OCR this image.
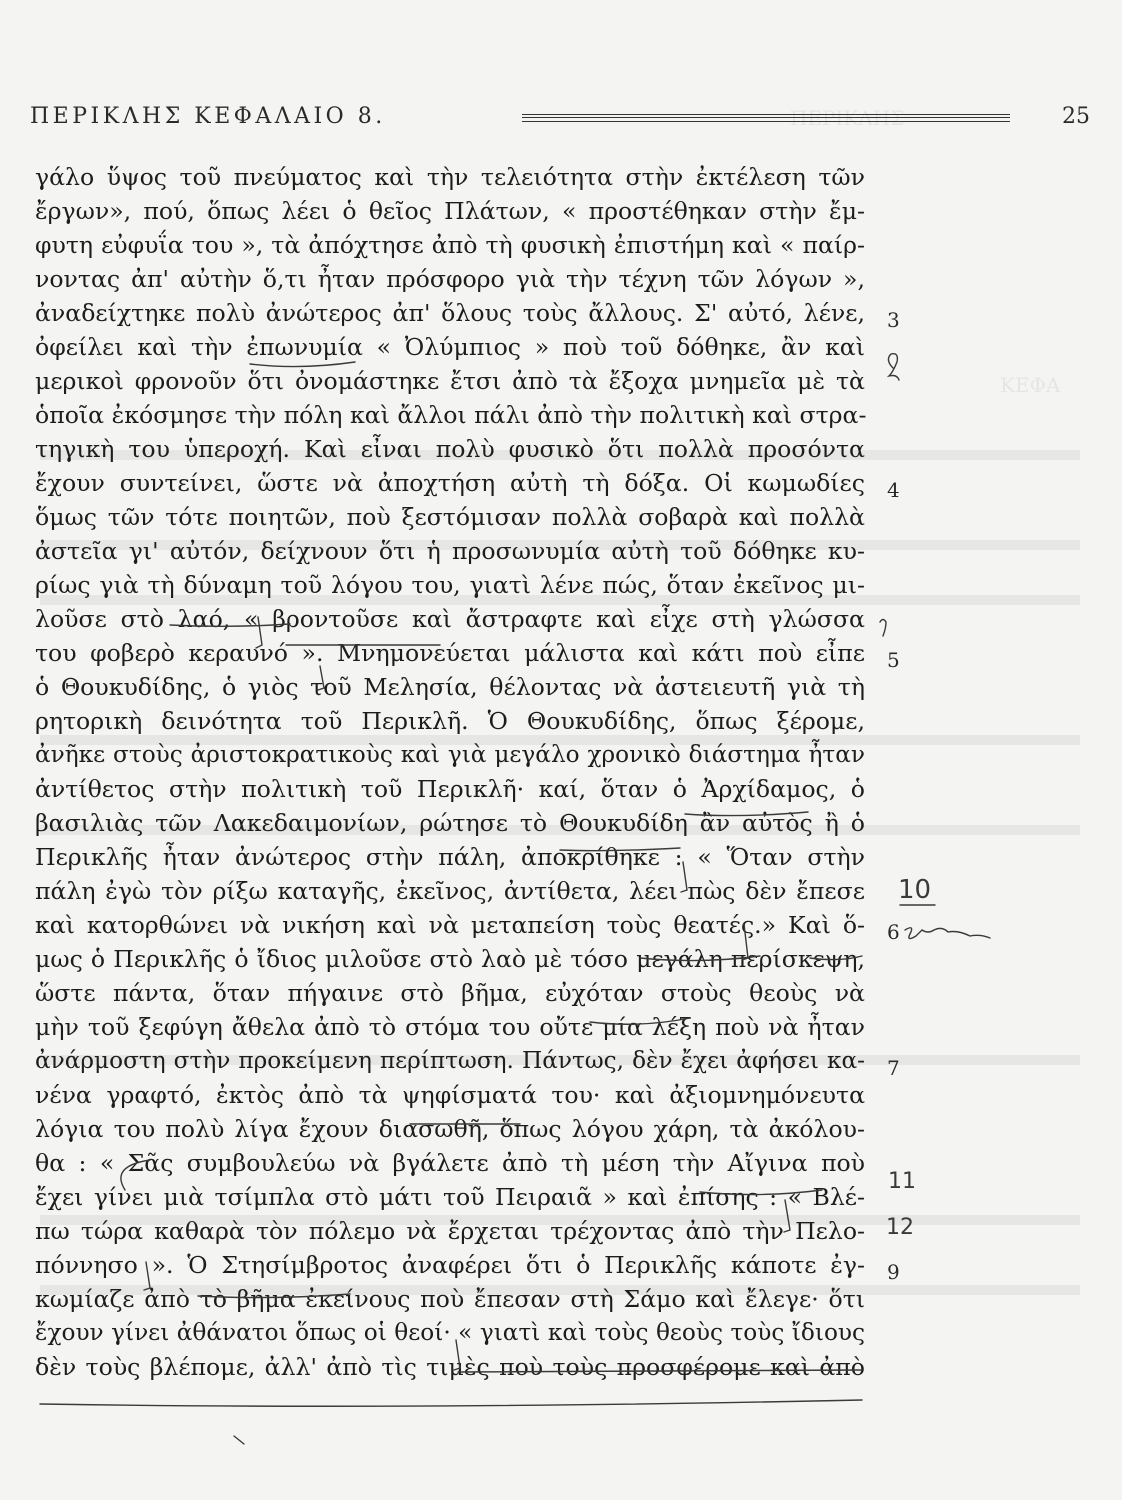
ΠΕΡΙΚΛΗΣ
ΚΕΦΑ
ΠΕΡΙΚΛΗΣ ΚΕΦΑΛΑΙΟ 8.	25
γάλο ὕψος τοῦ πνεύματος καὶ τὴν τελειότητα στὴν ἐκτέλεση τῶν
ἔργων», πού, ὅπως λέει ὁ θεῖος Πλάτων, « προστέθηκαν στὴν ἔμ-
φυτη εὐφυΐα του », τὰ ἀπόχτησε ἀπὸ τὴ φυσικὴ ἐπιστήμη καὶ « παίρ-
νοντας ἀπ' αὐτὴν ὅ,τι ἦταν πρόσφορο γιὰ τὴν τέχνη τῶν λόγων »,
ἀναδείχτηκε πολὺ ἀνώτερος ἀπ' ὅλους τοὺς ἄλλους. Σ' αὐτό, λένε,
ὀφείλει καὶ τὴν ἐπωνυμία « Ὀλύμπιος » ποὺ τοῦ δόθηκε, ἂν καὶ
μερικοὶ φρονοῦν ὅτι ὀνομάστηκε ἔτσι ἀπὸ τὰ ἔξοχα μνημεῖα μὲ τὰ
ὁποῖα ἐκόσμησε τὴν πόλη καὶ ἄλλοι πάλι ἀπὸ τὴν πολιτικὴ καὶ στρα-
τηγικὴ του ὑπεροχή. Καὶ εἶναι πολὺ φυσικὸ ὅτι πολλὰ προσόντα
ἔχουν συντείνει, ὥστε νὰ ἀποχτήση αὐτὴ τὴ δόξα. Οἱ κωμωδίες
ὅμως τῶν τότε ποιητῶν, ποὺ ξεστόμισαν πολλὰ σοβαρὰ καὶ πολλὰ
ἀστεῖα γι' αὐτόν, δείχνουν ὅτι ἡ προσωνυμία αὐτὴ τοῦ δόθηκε κυ-
ρίως γιὰ τὴ δύναμη τοῦ λόγου του, γιατὶ λένε πώς, ὅταν ἐκεῖνος μι-
λοῦσε στὸ λαό, « βροντοῦσε καὶ ἄστραφτε καὶ εἶχε στὴ γλώσσα
του φοβερὸ κεραυνό ». Μνημονεύεται μάλιστα καὶ κάτι ποὺ εἶπε
ὁ Θουκυδίδης, ὁ γιὸς τοῦ Μελησία, θέλοντας νὰ ἀστειευτῆ γιὰ τὴ
ρητορικὴ δεινότητα τοῦ Περικλῆ. Ὁ Θουκυδίδης, ὅπως ξέρομε,
ἀνῆκε στοὺς ἀριστοκρατικοὺς καὶ γιὰ μεγάλο χρονικὸ διάστημα ἦταν
ἀντίθετος στὴν πολιτικὴ τοῦ Περικλῆ· καί, ὅταν ὁ Ἀρχίδαμος, ὁ
βασιλιὰς τῶν Λακεδαιμονίων, ρώτησε τὸ Θουκυδίδη ἂν αὐτὸς ἢ ὁ
Περικλῆς ἦταν ἀνώτερος στὴν πάλη, ἀποκρίθηκε : « Ὅταν στὴν
πάλη ἐγὼ τὸν ρίξω καταγῆς, ἐκεῖνος, ἀντίθετα, λέει πὼς δὲν ἔπεσε
καὶ κατορθώνει νὰ νικήση καὶ νὰ μεταπείση τοὺς θεατές.» Καὶ ὅ-
μως ὁ Περικλῆς ὁ ἴδιος μιλοῦσε στὸ λαὸ μὲ τόσο μεγάλη περίσκεψη,
ὥστε πάντα, ὅταν πήγαινε στὸ βῆμα, εὐχόταν στοὺς θεοὺς νὰ
μὴν τοῦ ξεφύγη ἄθελα ἀπὸ τὸ στόμα του οὔτε μία λέξη ποὺ νὰ ἦταν
ἀνάρμοστη στὴν προκείμενη περίπτωση. Πάντως, δὲν ἔχει ἀφήσει κα-
νένα γραφτό, ἐκτὸς ἀπὸ τὰ ψηφίσματά του· καὶ ἀξιομνημόνευτα
λόγια του πολὺ λίγα ἔχουν διασωθῆ, ὅπως λόγου χάρη, τὰ ἀκόλου-
θα : « Σᾶς συμβουλεύω νὰ βγάλετε ἀπὸ τὴ μέση τὴν Αἴγινα ποὺ
ἔχει γίνει μιὰ τσίμπλα στὸ μάτι τοῦ Πειραιᾶ » καὶ ἐπίσης : « Βλέ-
πω τώρα καθαρὰ τὸν πόλεμο νὰ ἔρχεται τρέχοντας ἀπὸ τὴν Πελο-
πόννησο ». Ὁ Στησίμβροτος ἀναφέρει ὅτι ὁ Περικλῆς κάποτε ἐγ-
κωμίαζε ἀπὸ τὸ βῆμα ἐκείνους ποὺ ἔπεσαν στὴ Σάμο καὶ ἔλεγε· ὅτι
ἔχουν γίνει ἀθάνατοι ὅπως οἱ θεοί· « γιατὶ καὶ τοὺς θεοὺς τοὺς ἴδιους
δὲν τοὺς βλέπομε, ἀλλ' ἀπὸ τὶς τιμὲς ποὺ τοὺς προσφέρομε καὶ ἀπὸ
3
4
5
6
7
9
10
11
12
